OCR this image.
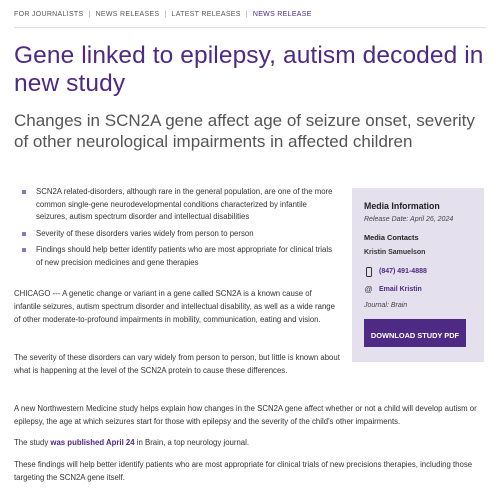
FOR JOURNALISTS | NEWS RELEASES | LATEST RELEASES | NEWS RELEASE
Gene linked to epilepsy, autism decoded in new study
Changes in SCN2A gene affect age of seizure onset, severity of other neurological impairments in affected children
SCN2A related-disorders, although rare in the general population, are one of the more common single-gene neurodevelopmental conditions characterized by infantile seizures, autism spectrum disorder and intellectual disabilities
Severity of these disorders varies widely from person to person
Findings should help better identify patients who are most appropriate for clinical trials of new precision medicines and gene therapies

CHICAGO --- A genetic change or variant in a gene called SCN2A is a known cause of infantile seizures, autism spectrum disorder and intellectual disability, as well as a wide range of other moderate-to-profound impairments in mobility, communication, eating and vision.

The severity of these disorders can vary widely from person to person, but little is known about what is happening at the level of the SCN2A protein to cause these differences.

A new Northwestern Medicine study helps explain how changes in the SCN2A gene affect whether or not a child will develop autism or epilepsy, the age at which seizures start for those with epilepsy and the severity of the child's other impairments.

The study was published April 24 in Brain, a top neurology journal.

These findings will help better identify patients who are most appropriate for clinical trials of new precisions therapies, including those targeting the SCN2A gene itself.

Media Information
Release Date: April 26, 2024
Media Contacts
Kristin Samuelson
(847) 491-4888
@ Email Kristin
Journal: Brain
DOWNLOAD STUDY PDF
